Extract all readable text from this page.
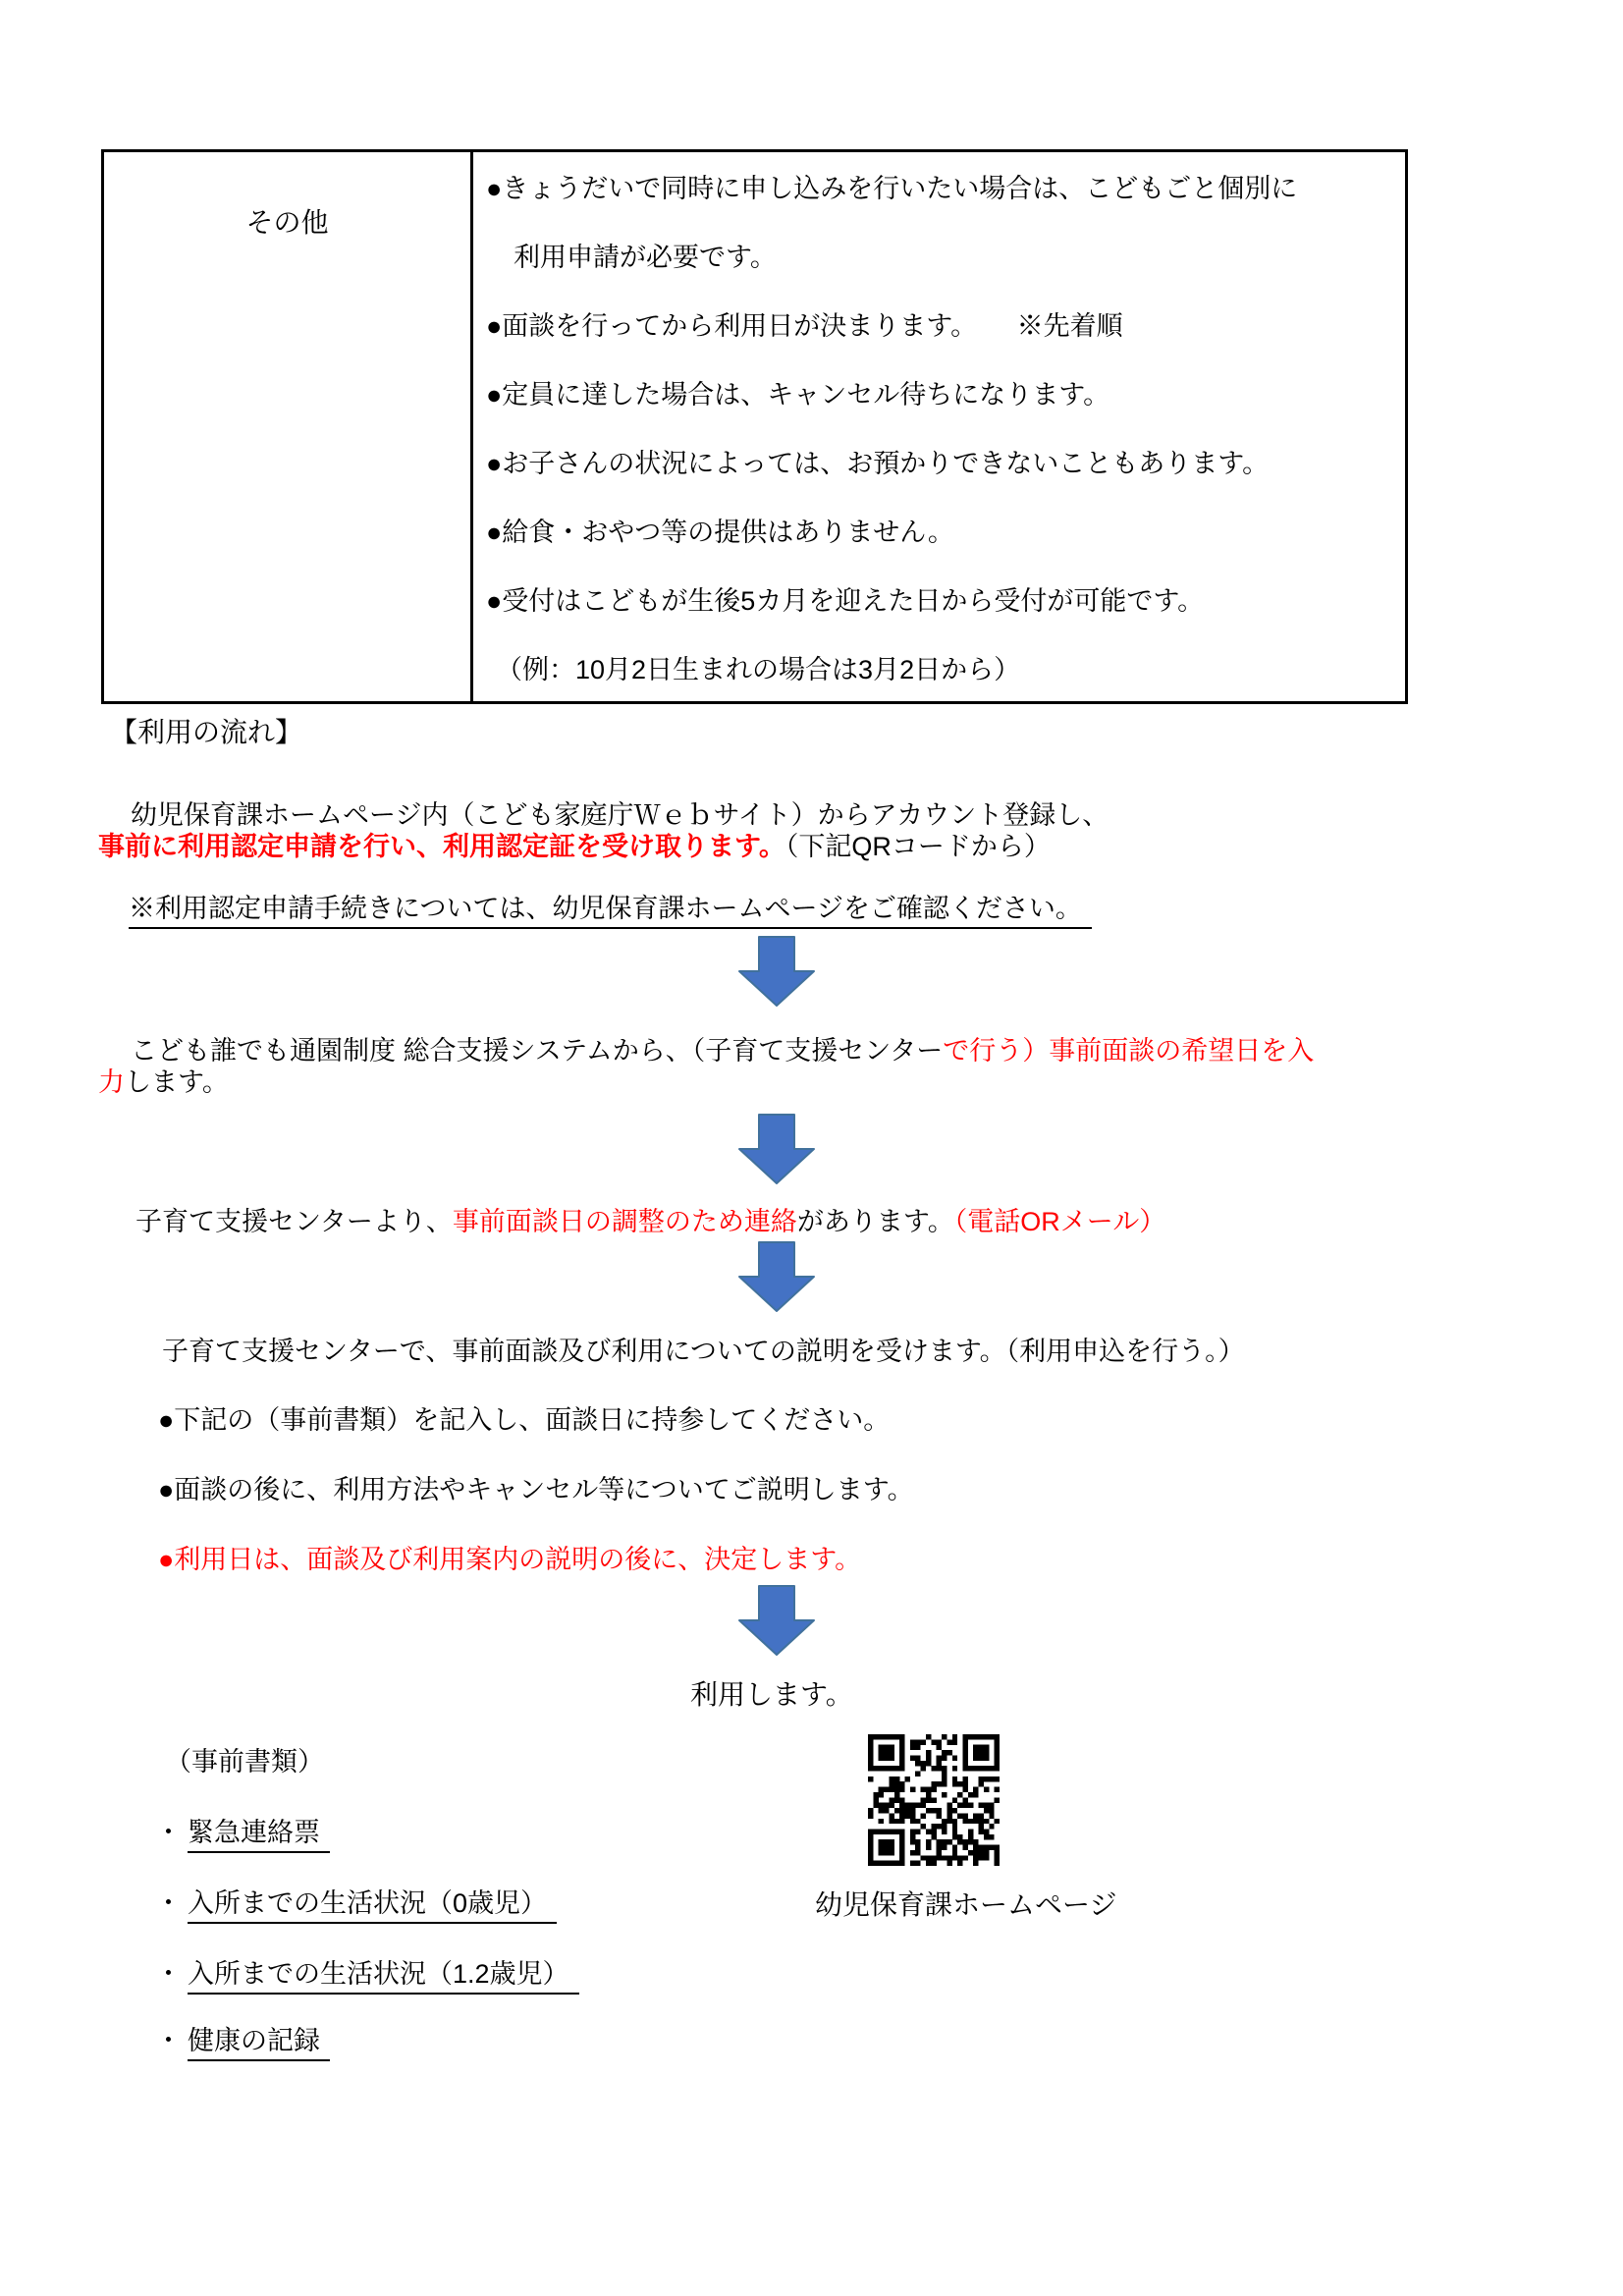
その他
●きょうだいで同時に申し込みを行いたい場合は、こどもごと個別に
利用申請が必要です。
●面談を行ってから利用日が決まります。　　※先着順
●定員に達した場合は、キャンセル待ちになります。
●お子さんの状況によっては、お預かりできないこともあります。
●給食・おやつ等の提供はありません。
●受付はこどもが生後5カ月を迎えた日から受付が可能です。
（例：10月2日生まれの場合は3月2日から）
【利用の流れ】
幼児保育課ホームページ内（こども家庭庁Ｗｅｂサイト）からアカウント登録し、
事前に利用認定申請を行い、利用認定証を受け取ります。（下記QRコードから）
※利用認定申請手続きについては、幼児保育課ホームページをご確認ください。
こども誰でも通園制度 総合支援システムから、（子育て支援センターで行う）事前面談の希望日を入
力します。
子育て支援センターより、事前面談日の調整のため連絡があります。（電話ORメール）
子育て支援センターで、事前面談及び利用についての説明を受けます。（利用申込を行う。）
●下記の（事前書類）を記入し、面談日に持参してください。
●面談の後に、利用方法やキャンセル等についてご説明します。
●利用日は、面談及び利用案内の説明の後に、決定します。
利用します。
幼児保育課ホームページ
（事前書類）
・ 緊急連絡票
・ 入所までの生活状況（0歳児）
・ 入所までの生活状況（1.2歳児）
・ 健康の記録
